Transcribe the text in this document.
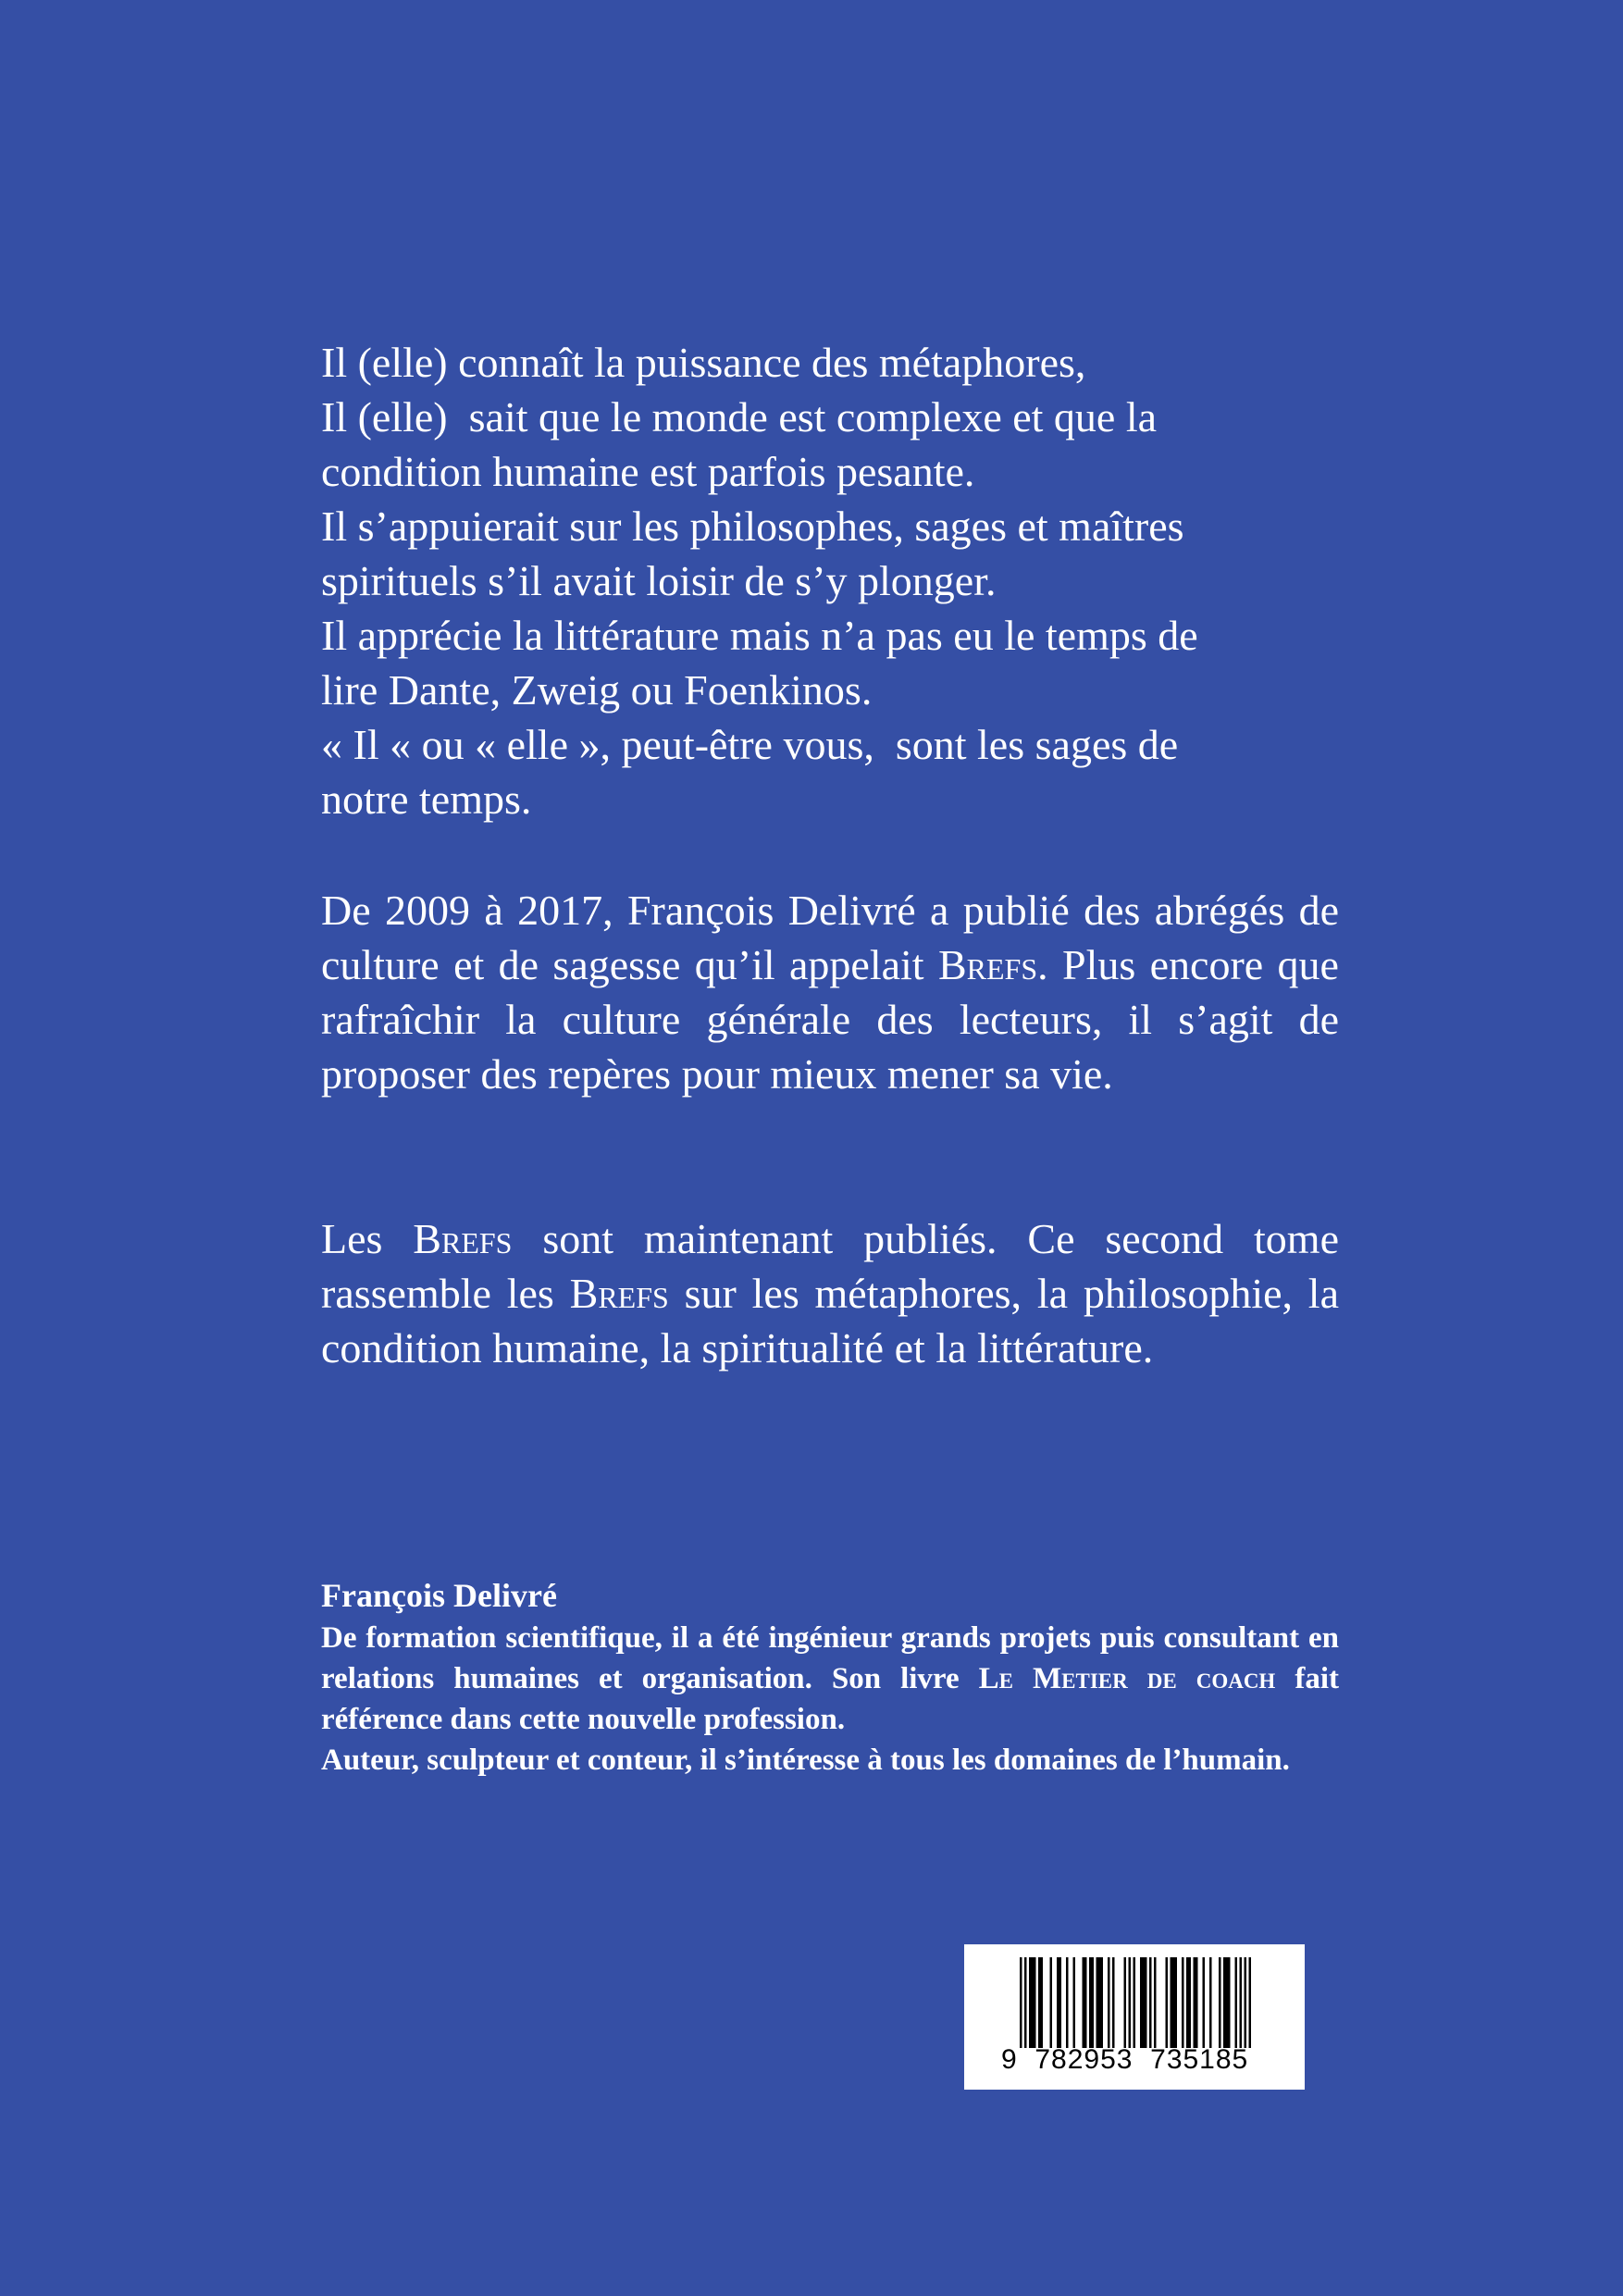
Il (elle) connaît la puissance des métaphores,
Il (elle)  sait que le monde est complexe et que la
condition humaine est parfois pesante.
Il s’appuierait sur les philosophes, sages et maîtres
spirituels s’il avait loisir de s’y plonger.
Il apprécie la littérature mais n’a pas eu le temps de
lire Dante, Zweig ou Foenkinos.
« Il « ou « elle », peut-être vous,  sont les sages de
notre temps.
De 2009 à 2017, François Delivré a publié des abrégés de culture et de sagesse qu’il appelait Brefs. Plus encore que rafraîchir la culture générale des lecteurs, il s’agit de proposer des repères pour mieux mener sa vie.
Les Brefs sont maintenant publiés. Ce second tome rassemble les Brefs sur les métaphores, la philosophie, la condition humaine, la spiritualité et la littérature.
François Delivré
De formation scientifique, il a été ingénieur grands projets puis consultant en relations humaines et organisation. Son livre Le Metier de coach fait référence dans cette nouvelle profession.
Auteur, sculpteur et conteur, il s’intéresse à tous les domaines de l’humain.
9  782953  735185
